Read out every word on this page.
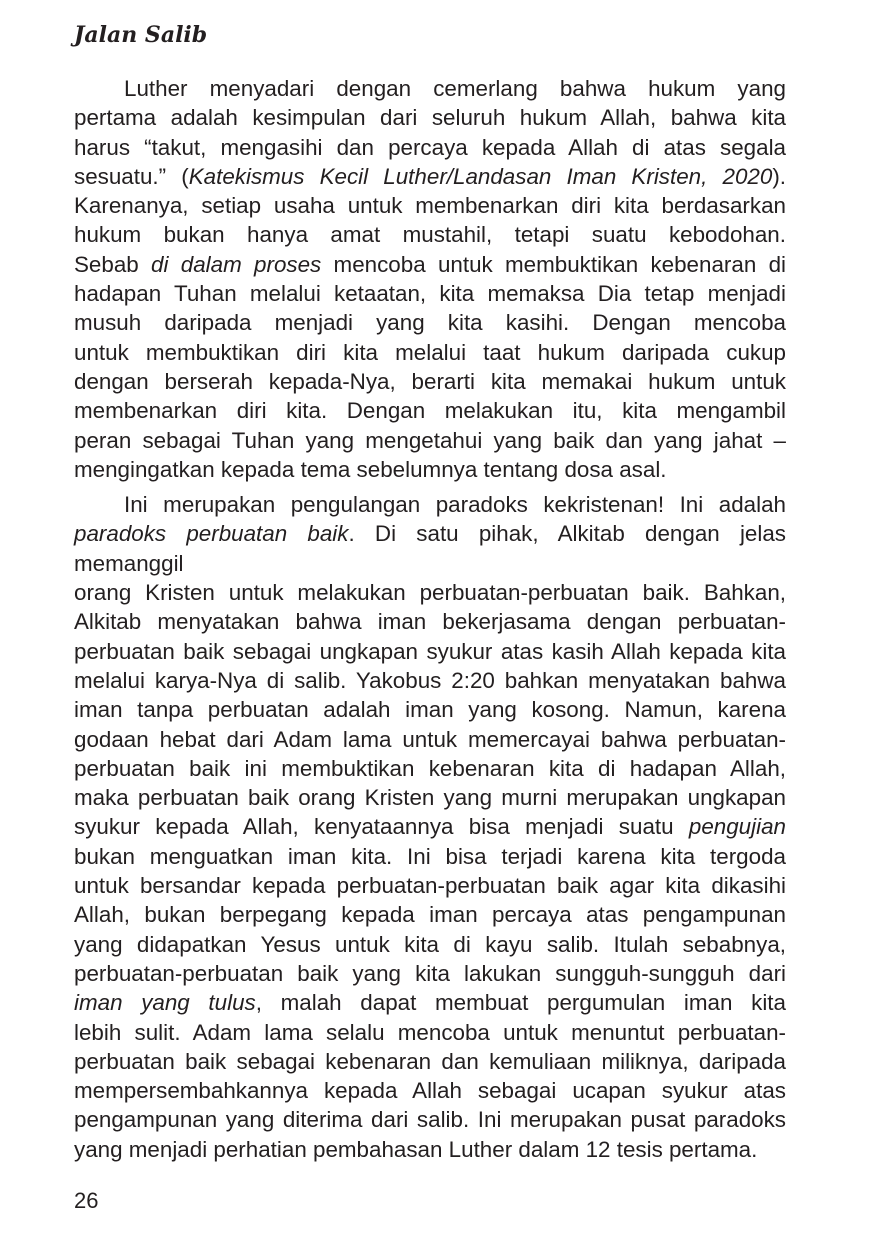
Jalan Salib

Luther menyadari dengan cemerlang bahwa hukum yang
pertama adalah kesimpulan dari seluruh hukum Allah, bahwa kita
harus “takut, mengasihi dan percaya kepada Allah di atas segala
sesuatu.” (Katekismus Kecil Luther/Landasan Iman Kristen, 2020).
Karenanya, setiap usaha untuk membenarkan diri kita berdasarkan
hukum bukan hanya amat mustahil, tetapi suatu kebodohan.
Sebab di dalam proses mencoba untuk membuktikan kebenaran di
hadapan Tuhan melalui ketaatan, kita memaksa Dia tetap menjadi
musuh daripada menjadi yang kita kasihi. Dengan mencoba
untuk membuktikan diri kita melalui taat hukum daripada cukup
dengan berserah kepada-Nya, berarti kita memakai hukum untuk
membenarkan diri kita. Dengan melakukan itu, kita mengambil
peran sebagai Tuhan yang mengetahui yang baik dan yang jahat –
mengingatkan kepada tema sebelumnya tentang dosa asal.

Ini merupakan pengulangan paradoks kekristenan! Ini adalah
paradoks perbuatan baik. Di satu pihak, Alkitab dengan jelas memanggil
orang Kristen untuk melakukan perbuatan-perbuatan baik. Bahkan,
Alkitab menyatakan bahwa iman bekerjasama dengan perbuatan-
perbuatan baik sebagai ungkapan syukur atas kasih Allah kepada kita
melalui karya-Nya di salib. Yakobus 2:20 bahkan menyatakan bahwa
iman tanpa perbuatan adalah iman yang kosong. Namun, karena
godaan hebat dari Adam lama untuk memercayai bahwa perbuatan-
perbuatan baik ini membuktikan kebenaran kita di hadapan Allah,
maka perbuatan baik orang Kristen yang murni merupakan ungkapan
syukur kepada Allah, kenyataannya bisa menjadi suatu pengujian
bukan menguatkan iman kita. Ini bisa terjadi karena kita tergoda
untuk bersandar kepada perbuatan-perbuatan baik agar kita dikasihi
Allah, bukan berpegang kepada iman percaya atas pengampunan
yang didapatkan Yesus untuk kita di kayu salib. Itulah sebabnya,
perbuatan-perbuatan baik yang kita lakukan sungguh-sungguh dari
iman yang tulus, malah dapat membuat pergumulan iman kita
lebih sulit. Adam lama selalu mencoba untuk menuntut perbuatan-
perbuatan baik sebagai kebenaran dan kemuliaan miliknya, daripada
mempersembahkannya kepada Allah sebagai ucapan syukur atas
pengampunan yang diterima dari salib. Ini merupakan pusat paradoks
yang menjadi perhatian pembahasan Luther dalam 12 tesis pertama.

26
